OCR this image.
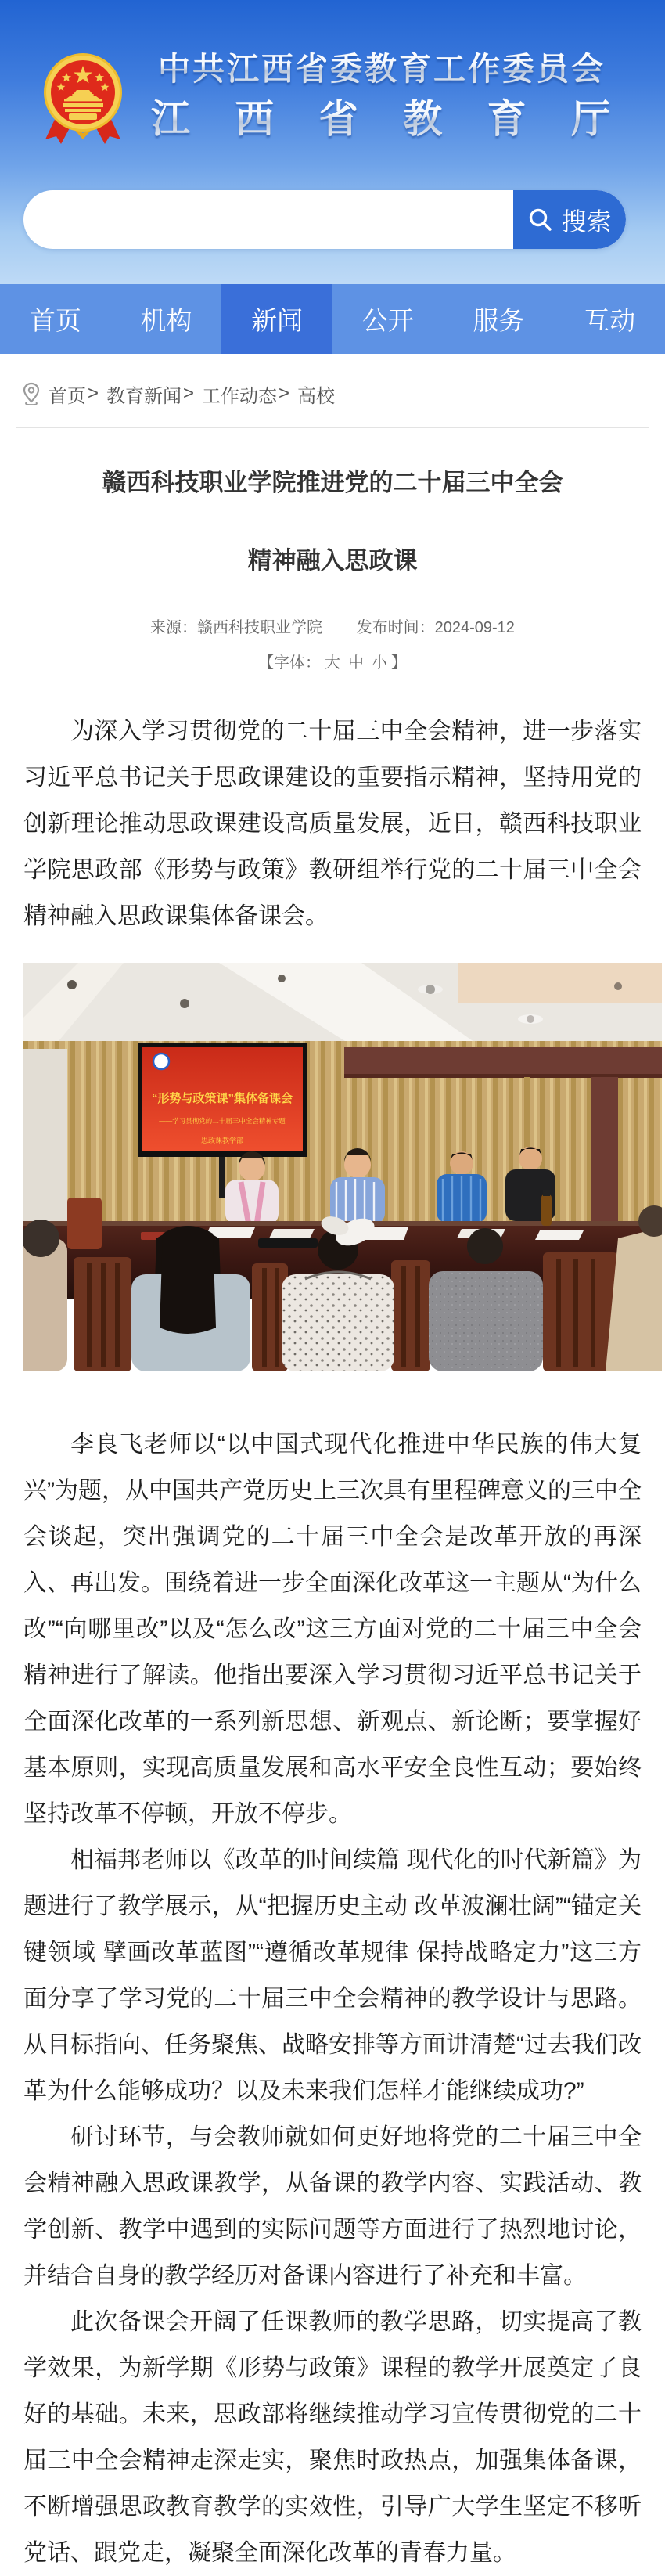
中共江西省委教育工作委员会
江西省教育厅
搜索
首页	机构	新闻	公开	服务	互动
首页 > 教育新闻 > 工作动态 > 高校
赣西科技职业学院推进党的二十届三中全会
精神融入思政课
来源：赣西科技职业学院 发布时间：2024-09-12
【字体： 大 中 小 】

为深入学习贯彻党的二十届三中全会精神，进一步落实习近平总书记关于思政课建设的重要指示精神，坚持用党的创新理论推动思政课建设高质量发展，近日，赣西科技职业学院思政部《形势与政策》教研组举行党的二十届三中全会精神融入思政课集体备课会。

“形势与政策课”集体备课会
——学习贯彻党的二十届三中全会精神专题
思政课教学部

李良飞老师以“以中国式现代化推进中华民族的伟大复兴”为题，从中国共产党历史上三次具有里程碑意义的三中全会谈起，突出强调党的二十届三中全会是改革开放的再深入、再出发。围绕着进一步全面深化改革这一主题从“为什么改”“向哪里改”以及“怎么改”这三方面对党的二十届三中全会精神进行了解读。他指出要深入学习贯彻习近平总书记关于全面深化改革的一系列新思想、新观点、新论断；要掌握好基本原则，实现高质量发展和高水平安全良性互动；要始终坚持改革不停顿，开放不停步。

相福邦老师以《改革的时间续篇 现代化的时代新篇》为题进行了教学展示，从“把握历史主动 改革波澜壮阔”“锚定关键领域 擘画改革蓝图”“遵循改革规律 保持战略定力”这三方面分享了学习党的二十届三中全会精神的教学设计与思路。从目标指向、任务聚焦、战略安排等方面讲清楚“过去我们改革为什么能够成功？以及未来我们怎样才能继续成功?”

研讨环节，与会教师就如何更好地将党的二十届三中全会精神融入思政课教学，从备课的教学内容、实践活动、教学创新、教学中遇到的实际问题等方面进行了热烈地讨论，并结合自身的教学经历对备课内容进行了补充和丰富。

此次备课会开阔了任课教师的教学思路，切实提高了教学效果，为新学期《形势与政策》课程的教学开展奠定了良好的基础。未来，思政部将继续推动学习宣传贯彻党的二十届三中全会精神走深走实，聚焦时政热点，加强集体备课，不断增强思政教育教学的实效性，引导广大学生坚定不移听党话、跟党走，凝聚全面深化改革的青春力量。
